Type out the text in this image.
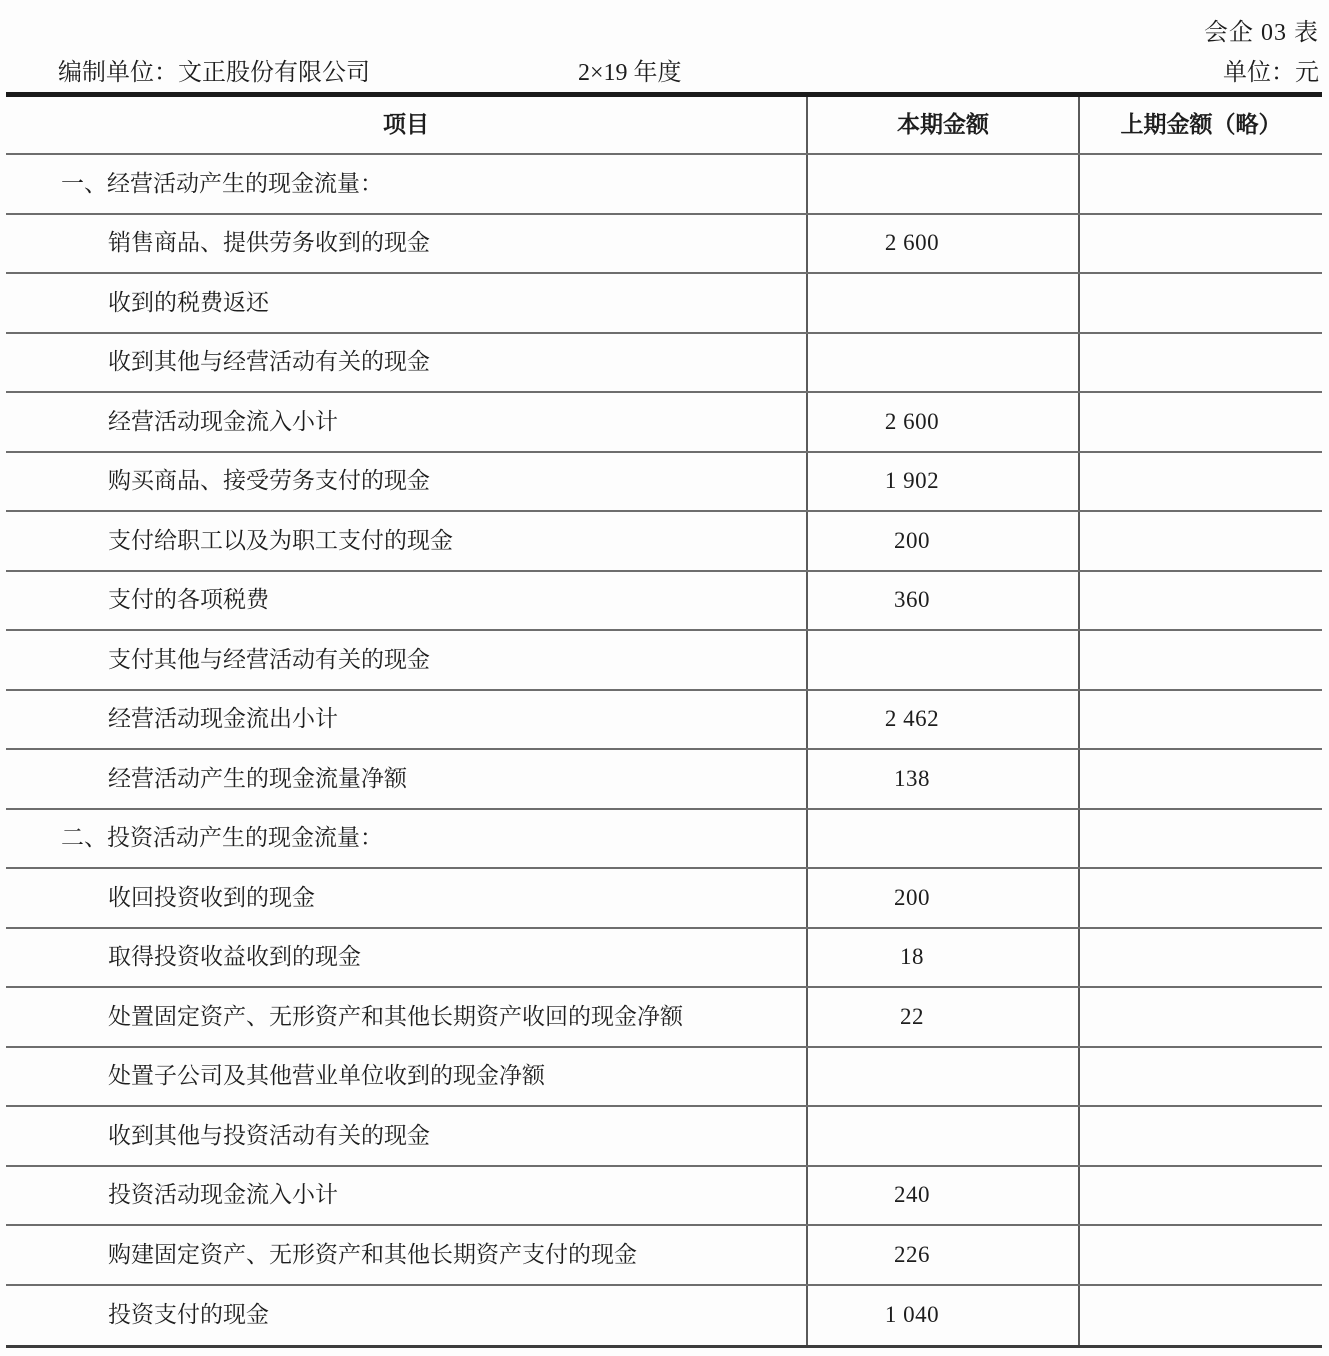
会企 03 表
编制单位：文正股份有限公司	2×19 年度	单位：元
项目	本期金额	上期金额（略）
一、经营活动产生的现金流量：
销售商品、提供劳务收到的现金	2 600
收到的税费返还
收到其他与经营活动有关的现金
经营活动现金流入小计	2 600
购买商品、接受劳务支付的现金	1 902
支付给职工以及为职工支付的现金	200
支付的各项税费	360
支付其他与经营活动有关的现金
经营活动现金流出小计	2 462
经营活动产生的现金流量净额	138
二、投资活动产生的现金流量：
收回投资收到的现金	200
取得投资收益收到的现金	18
处置固定资产、无形资产和其他长期资产收回的现金净额	22
处置子公司及其他营业单位收到的现金净额
收到其他与投资活动有关的现金
投资活动现金流入小计	240
购建固定资产、无形资产和其他长期资产支付的现金	226
投资支付的现金	1 040
